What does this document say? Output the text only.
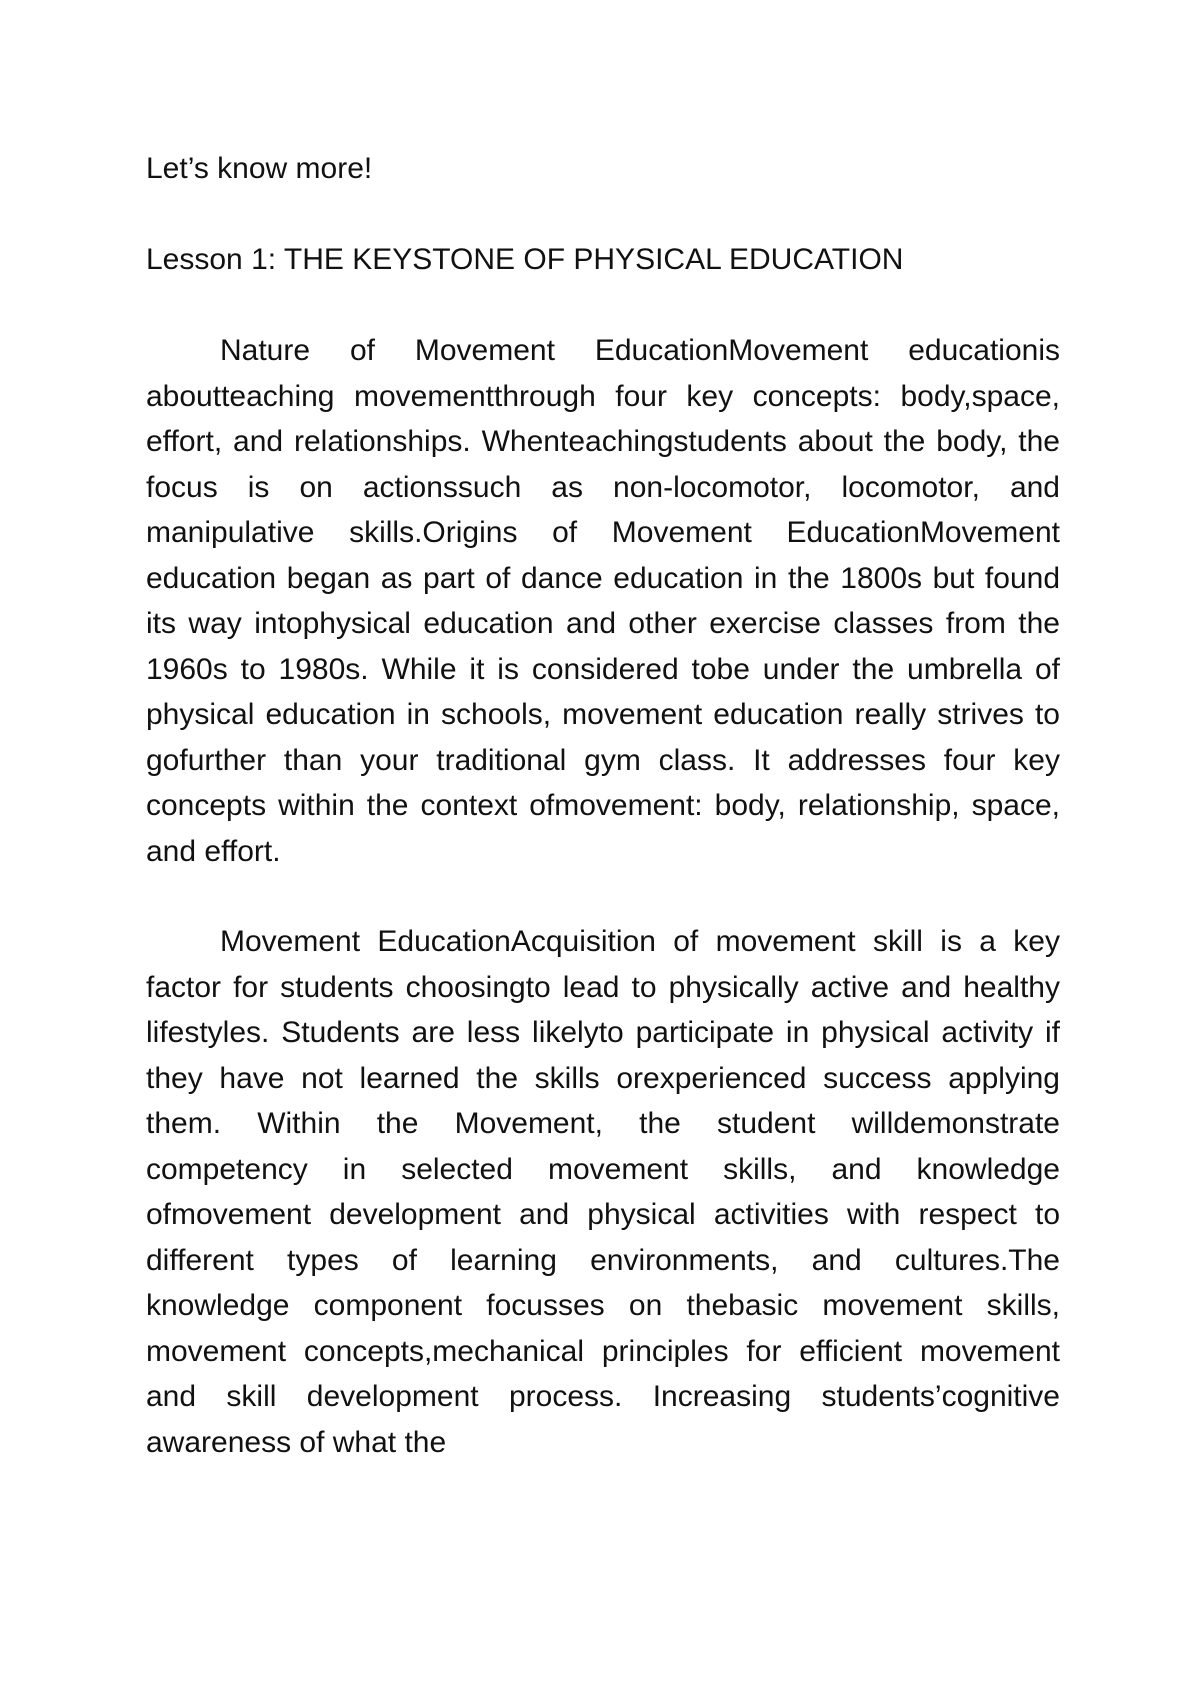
Let’s know more!

Lesson 1: THE KEYSTONE OF PHYSICAL EDUCATION

Nature of Movement EducationMovement educationis aboutteaching movementthrough four key concepts: body,space, effort, and relationships. Whenteachingstudents about the body, the focus is on actionssuch as non-locomotor, locomotor, and manipulative skills.Origins of Movement EducationMovement education began as part of dance education in the 1800s but found its way intophysical education and other exercise classes from the 1960s to 1980s. While it is considered tobe under the umbrella of physical education in schools, movement education really strives to gofurther than your traditional gym class. It addresses four key concepts within the context ofmovement: body, relationship, space, and effort.

Movement EducationAcquisition of movement skill is a key factor for students choosingto lead to physically active and healthy lifestyles. Students are less likelyto participate in physical activity if they have not learned the skills orexperienced success applying them. Within the Movement, the student willdemonstrate competency in selected movement skills, and knowledge ofmovement development and physical activities with respect to different types of learning environments, and cultures.The knowledge component focusses on thebasic movement skills, movement concepts,mechanical principles for efficient movement and skill development process. Increasing students’cognitive awareness of what the
